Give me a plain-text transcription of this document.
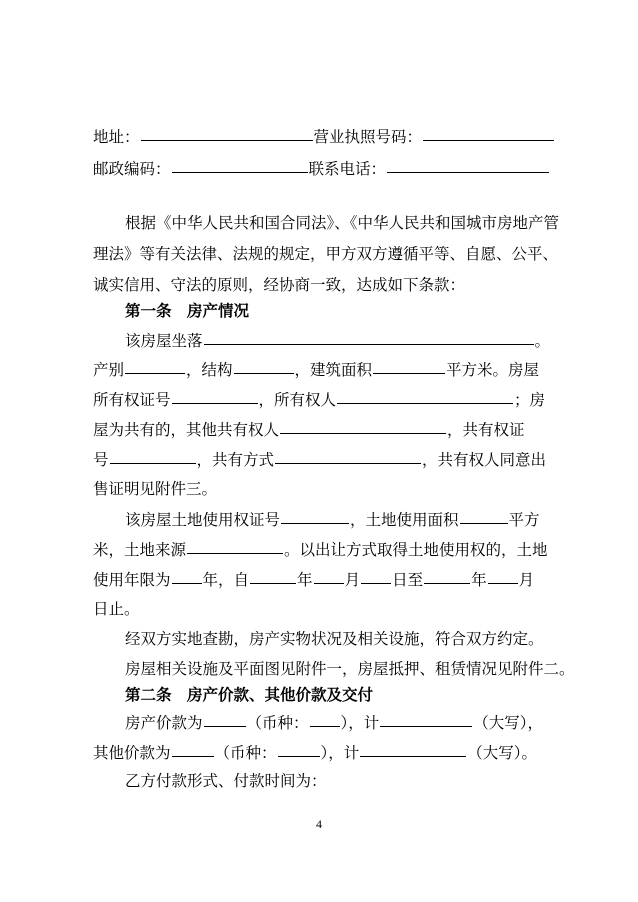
地址：	营业执照号码：
邮政编码：	联系电话：
根据《中华人民共和国合同法》、《中华人民共和国城市房地产管
理法》等有关法律、法规的规定，甲方双方遵循平等、自愿、公平、
诚实信用、守法的原则，经协商一致，达成如下条款：
第一条　房产情况
该房屋坐落	。
产别	，结构	，建筑面积	平方米。房屋
所有权证号	，所有权人	；房
屋为共有的，其他共有权人	，共有权证
号	，共有方式	，共有权人同意出
售证明见附件三。
该房屋土地使用权证号	，土地使用面积	平方
米，土地来源	。以出让方式取得土地使用权的，土地
使用年限为 年，自	年 月 日至	年 月
日止。
经双方实地查勘，房产实物状况及相关设施，符合双方约定。
房屋相关设施及平面图见附件一，房屋抵押、租赁情况见附件二。
第二条　房产价款、其他价款及交付
房产价款为	（币种： ），计	（大写），
其他价款为	（币种：	），计	（大写）。
乙方付款形式、付款时间为：
4
